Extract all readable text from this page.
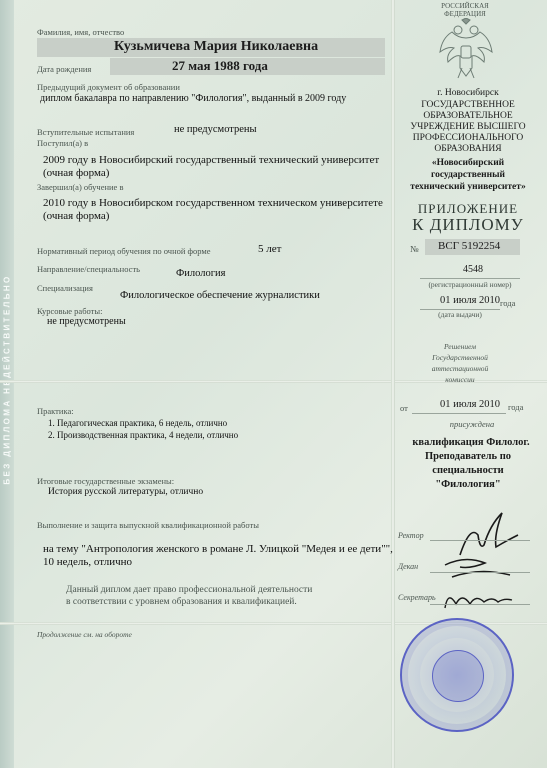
Фамилия, имя, отчество
Кузьмичева Мария Николаевна
Дата рождения	27 мая 1988 года
Предыдущий документ об образовании
диплом бакалавра по направлению "Филология", выданный в 2009 году
Вступительные испытания	не предусмотрены
Поступил(а) в
2009 году в Новосибирский государственный технический университет
(очная форма)
Завершил(а) обучение в
2010 году в Новосибирском государственном техническом университете
(очная форма)
Нормативный период обучения по очной форме	5 лет
Направление/специальность	Филология
Специализация
Филологическое обеспечение журналистики
Курсовые работы:
не предусмотрены
Практика:
1. Педагогическая практика, 6 недель, отлично
2. Производственная практика, 4 недели, отлично
Итоговые государственные экзамены:
История русской литературы, отлично
Выполнение и защита выпускной квалификационной работы
на тему "Антропология женского в романе Л. Улицкой "Медея и ее дети"",
10 недель, отлично
Данный диплом дает право профессиональной деятельности
в соответствии с уровнем образования и квалификацией.
Продолжение см. на обороте
РОССИЙСКАЯ
ФЕДЕРАЦИЯ
г. Новосибирск
ГОСУДАРСТВЕННОЕ
ОБРАЗОВАТЕЛЬНОЕ
УЧРЕЖДЕНИЕ ВЫСШЕГО
ПРОФЕССИОНАЛЬНОГО
ОБРАЗОВАНИЯ
«Новосибирский
государственный
технический университет»
ПРИЛОЖЕНИЕ
К ДИПЛОМУ
№ ВСГ 5192254
4548
(регистрационный номер)
01 июля 2010 года
(дата выдачи)
Решением
Государственной
аттестационной
комиссии
от	01 июля 2010 года
присуждена
квалификация Филолог.
Преподаватель по
специальности
"Филология"
Ректор
Декан
Секретарь
